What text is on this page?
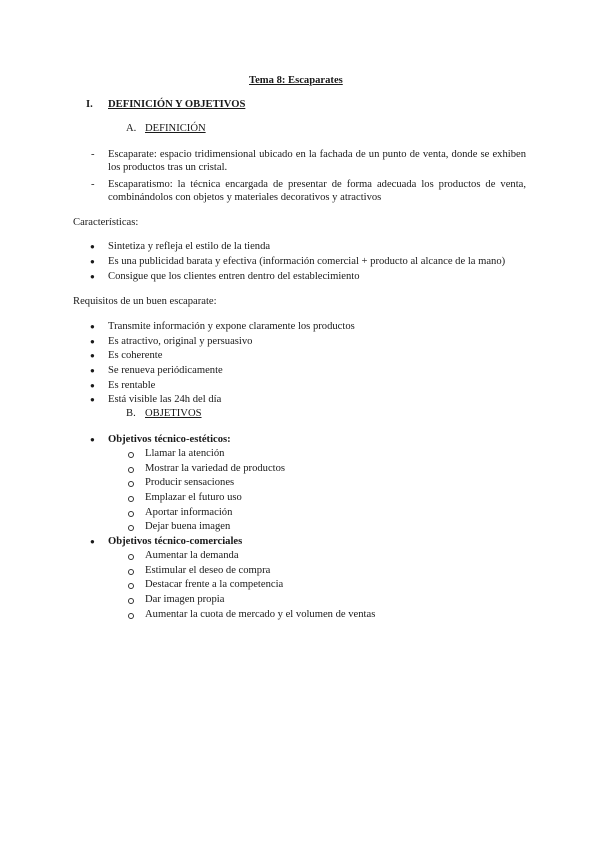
Tema 8: Escaparates
I. DEFINICIÓN Y OBJETIVOS
A. DEFINICIÓN
- Escaparate: espacio tridimensional ubicado en la fachada de un punto de venta, donde se exhiben los productos tras un cristal.
- Escaparatismo: la técnica encargada de presentar de forma adecuada los productos de venta, combinándolos con objetos y materiales decorativos y atractivos
Características:
● Sintetiza y refleja el estilo de la tienda
● Es una publicidad barata y efectiva (información comercial + producto al alcance de la mano)
● Consigue que los clientes entren dentro del establecimiento
Requisitos de un buen escaparate:
● Transmite información y expone claramente los productos
● Es atractivo, original y persuasivo
● Es coherente
● Se renueva periódicamente
● Es rentable
● Está visible las 24h del día
B. OBJETIVOS
● Objetivos técnico-estéticos:
Llamar la atención
Mostrar la variedad de productos
Producir sensaciones
Emplazar el futuro uso
Aportar información
Dejar buena imagen
● Objetivos técnico-comerciales
Aumentar la demanda
Estimular el deseo de compra
Destacar frente a la competencia
Dar imagen propia
Aumentar la cuota de mercado y el volumen de ventas
